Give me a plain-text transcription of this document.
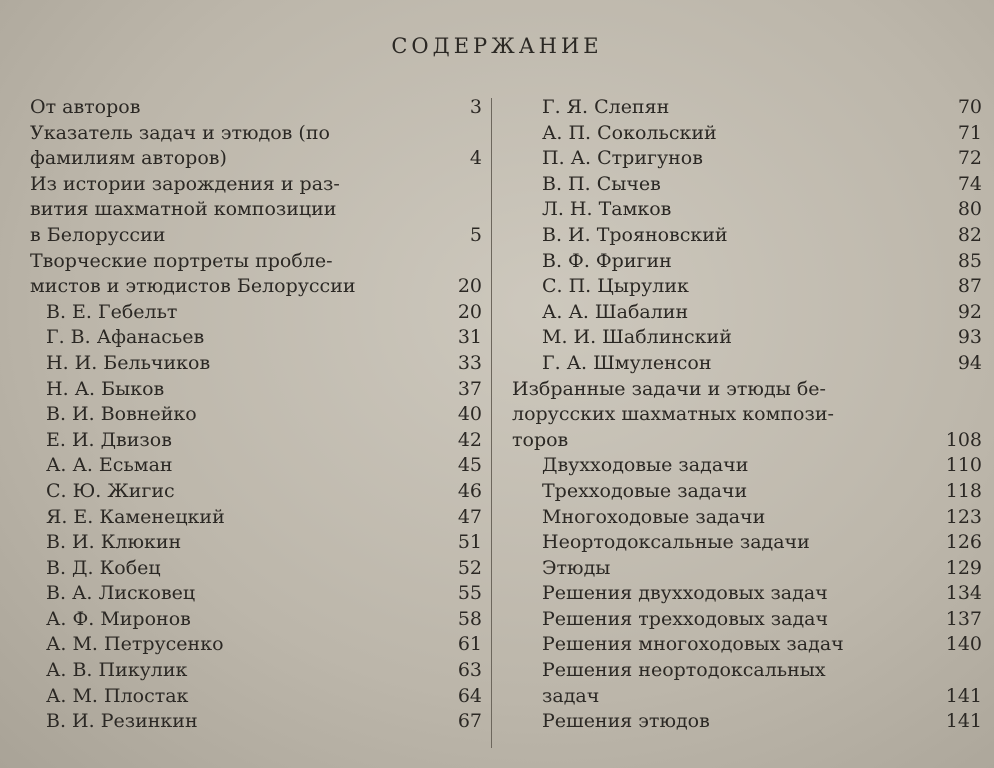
СОДЕРЖАНИЕ
От авторов	3
Указатель задач и этюдов (по
фамилиям авторов)	4
Из истории зарождения и раз-
вития шахматной композиции
в Белоруссии	5
Творческие портреты пробле-
мистов и этюдистов Белоруссии	20
В. Е. Гебельт	20
Г. В. Афанасьев	31
Н. И. Бельчиков	33
Н. А. Быков	37
В. И. Вовнейко	40
Е. И. Двизов	42
А. А. Есьман	45
С. Ю. Жигис	46
Я. Е. Каменецкий	47
В. И. Клюкин	51
В. Д. Кобец	52
В. А. Лисковец	55
А. Ф. Миронов	58
А. М. Петрусенко	61
А. В. Пикулик	63
А. М. Плостак	64
В. И. Резинкин	67
Г. Я. Слепян	70
А. П. Сокольский	71
П. А. Стригунов	72
В. П. Сычев	74
Л. Н. Тамков	80
В. И. Трояновский	82
В. Ф. Фригин	85
С. П. Цырулик	87
А. А. Шабалин	92
М. И. Шаблинский	93
Г. А. Шмуленсон	94
Избранные задачи и этюды бе-
лорусских шахматных компози-
торов	108
Двухходовые задачи	110
Трехходовые задачи	118
Многоходовые задачи	123
Неортодоксальные задачи	126
Этюды	129
Решения двухходовых задач	134
Решения трехходовых задач	137
Решения многоходовых задач	140
Решения неортодоксальных
задач	141
Решения этюдов	141
